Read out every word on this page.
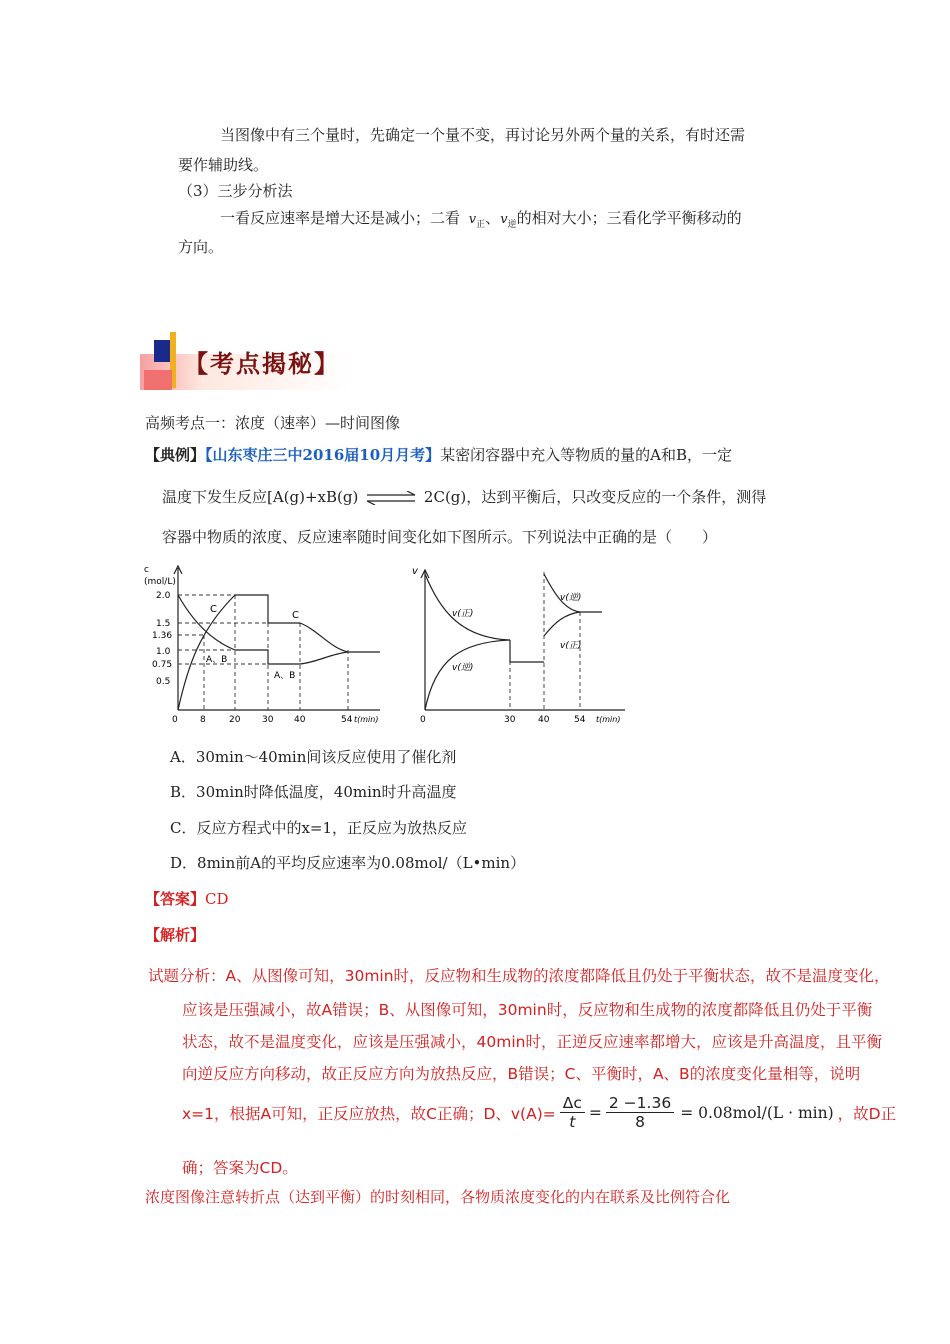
当图像中有三个量时，先确定一个量不变，再讨论另外两个量的关系，有时还需
要作辅助线。
（3）三步分析法
一看反应速率是增大还是减小；二看 $v_正$、$v_逆$的相对大小；三看化学平衡移动的
方向。
【考点揭秘】
高频考点一：浓度（速率）—时间图像
【典例】【山东枣庄三中2016届10月月考】某密闭容器中充入等物质的量的A和B，一定
温度下发生反应[A(g)+xB(g) ⇌ 2C(g)，达到平衡后，只改变反应的一个条件，测得
容器中物质的浓度、反应速率随时间变化如下图所示。下列说法中正确的是（　　）
c
(mol/L)
2.0
1.5
1.36
1.0
0.75
0.5
0 8	20 30 40	54 t(min)
C
A、B
C
A、B
v
0	30	40	54 t(min)
v(正)
v(逆)
v(逆)
v(正)
A．30min～40min间该反应使用了催化剂
B．30min时降低温度，40min时升高温度
C．反应方程式中的x=1，正反应为放热反应
D．8min前A的平均反应速率为0.08mol/（L•min）
【答案】CD
【解析】
试题分析：A、从图像可知，30min时，反应物和生成物的浓度都降低且仍处于平衡状态，故不是温度变化，
应该是压强减小，故A错误；B、从图像可知，30min时，反应物和生成物的浓度都降低且仍处于平衡
状态，故不是温度变化，应该是压强减小，40min时，正逆反应速率都增大，应该是升高温度，且平衡
向逆反应方向移动，故正反应方向为放热反应，B错误；C、平衡时，A、B的浓度变化量相等，说明
x=1，根据A可知，正反应放热，故C正确；D、$v(A)= \frac{\Delta c}{t} = \frac{2 -1.36}{8} = 0.08mol/(L \cdot \min)$ ，故D正
确；答案为CD。
浓度图像注意转折点（达到平衡）的时刻相同，各物质浓度变化的内在联系及比例符合化
